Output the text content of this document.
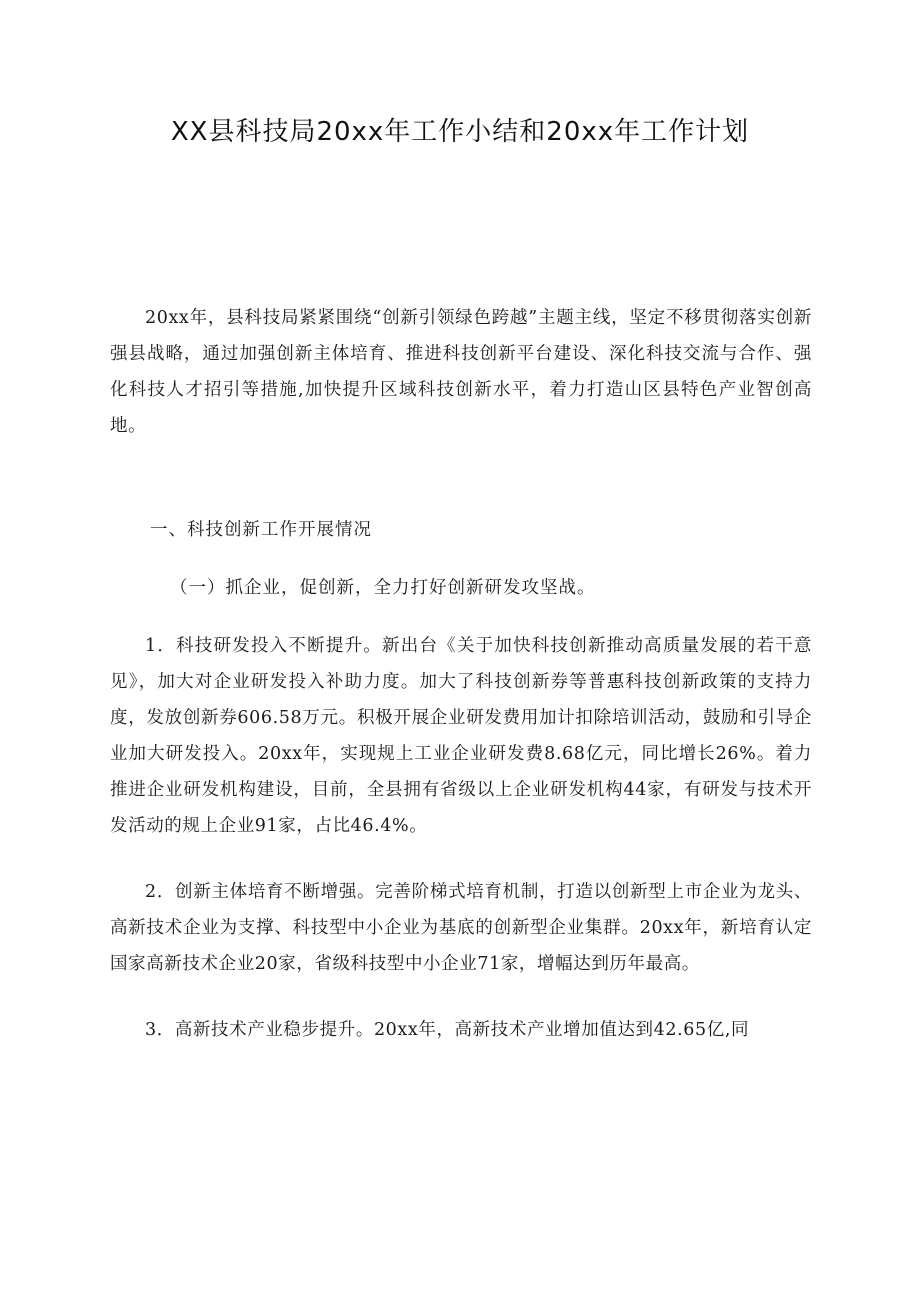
XX县科技局20xx年工作小结和20xx年工作计划

20xx年，县科技局紧紧围绕“创新引领绿色跨越”主题主线，坚定不移贯彻落实创新强县战略，通过加强创新主体培育、推进科技创新平台建设、深化科技交流与合作、强化科技人才招引等措施,加快提升区域科技创新水平，着力打造山区县特色产业智创高地。

一、科技创新工作开展情况

（一）抓企业，促创新，全力打好创新研发攻坚战。

1．科技研发投入不断提升。新出台《关于加快科技创新推动高质量发展的若干意见》，加大对企业研发投入补助力度。加大了科技创新券等普惠科技创新政策的支持力度，发放创新券606.58万元。积极开展企业研发费用加计扣除培训活动，鼓励和引导企业加大研发投入。20xx年，实现规上工业企业研发费8.68亿元，同比增长26%。着力推进企业研发机构建设，目前，全县拥有省级以上企业研发机构44家，有研发与技术开发活动的规上企业91家，占比46.4%。

2．创新主体培育不断增强。完善阶梯式培育机制，打造以创新型上市企业为龙头、高新技术企业为支撑、科技型中小企业为基底的创新型企业集群。20xx年，新培育认定国家高新技术企业20家，省级科技型中小企业71家，增幅达到历年最高。

3．高新技术产业稳步提升。20xx年，高新技术产业增加值达到42.65亿,同
